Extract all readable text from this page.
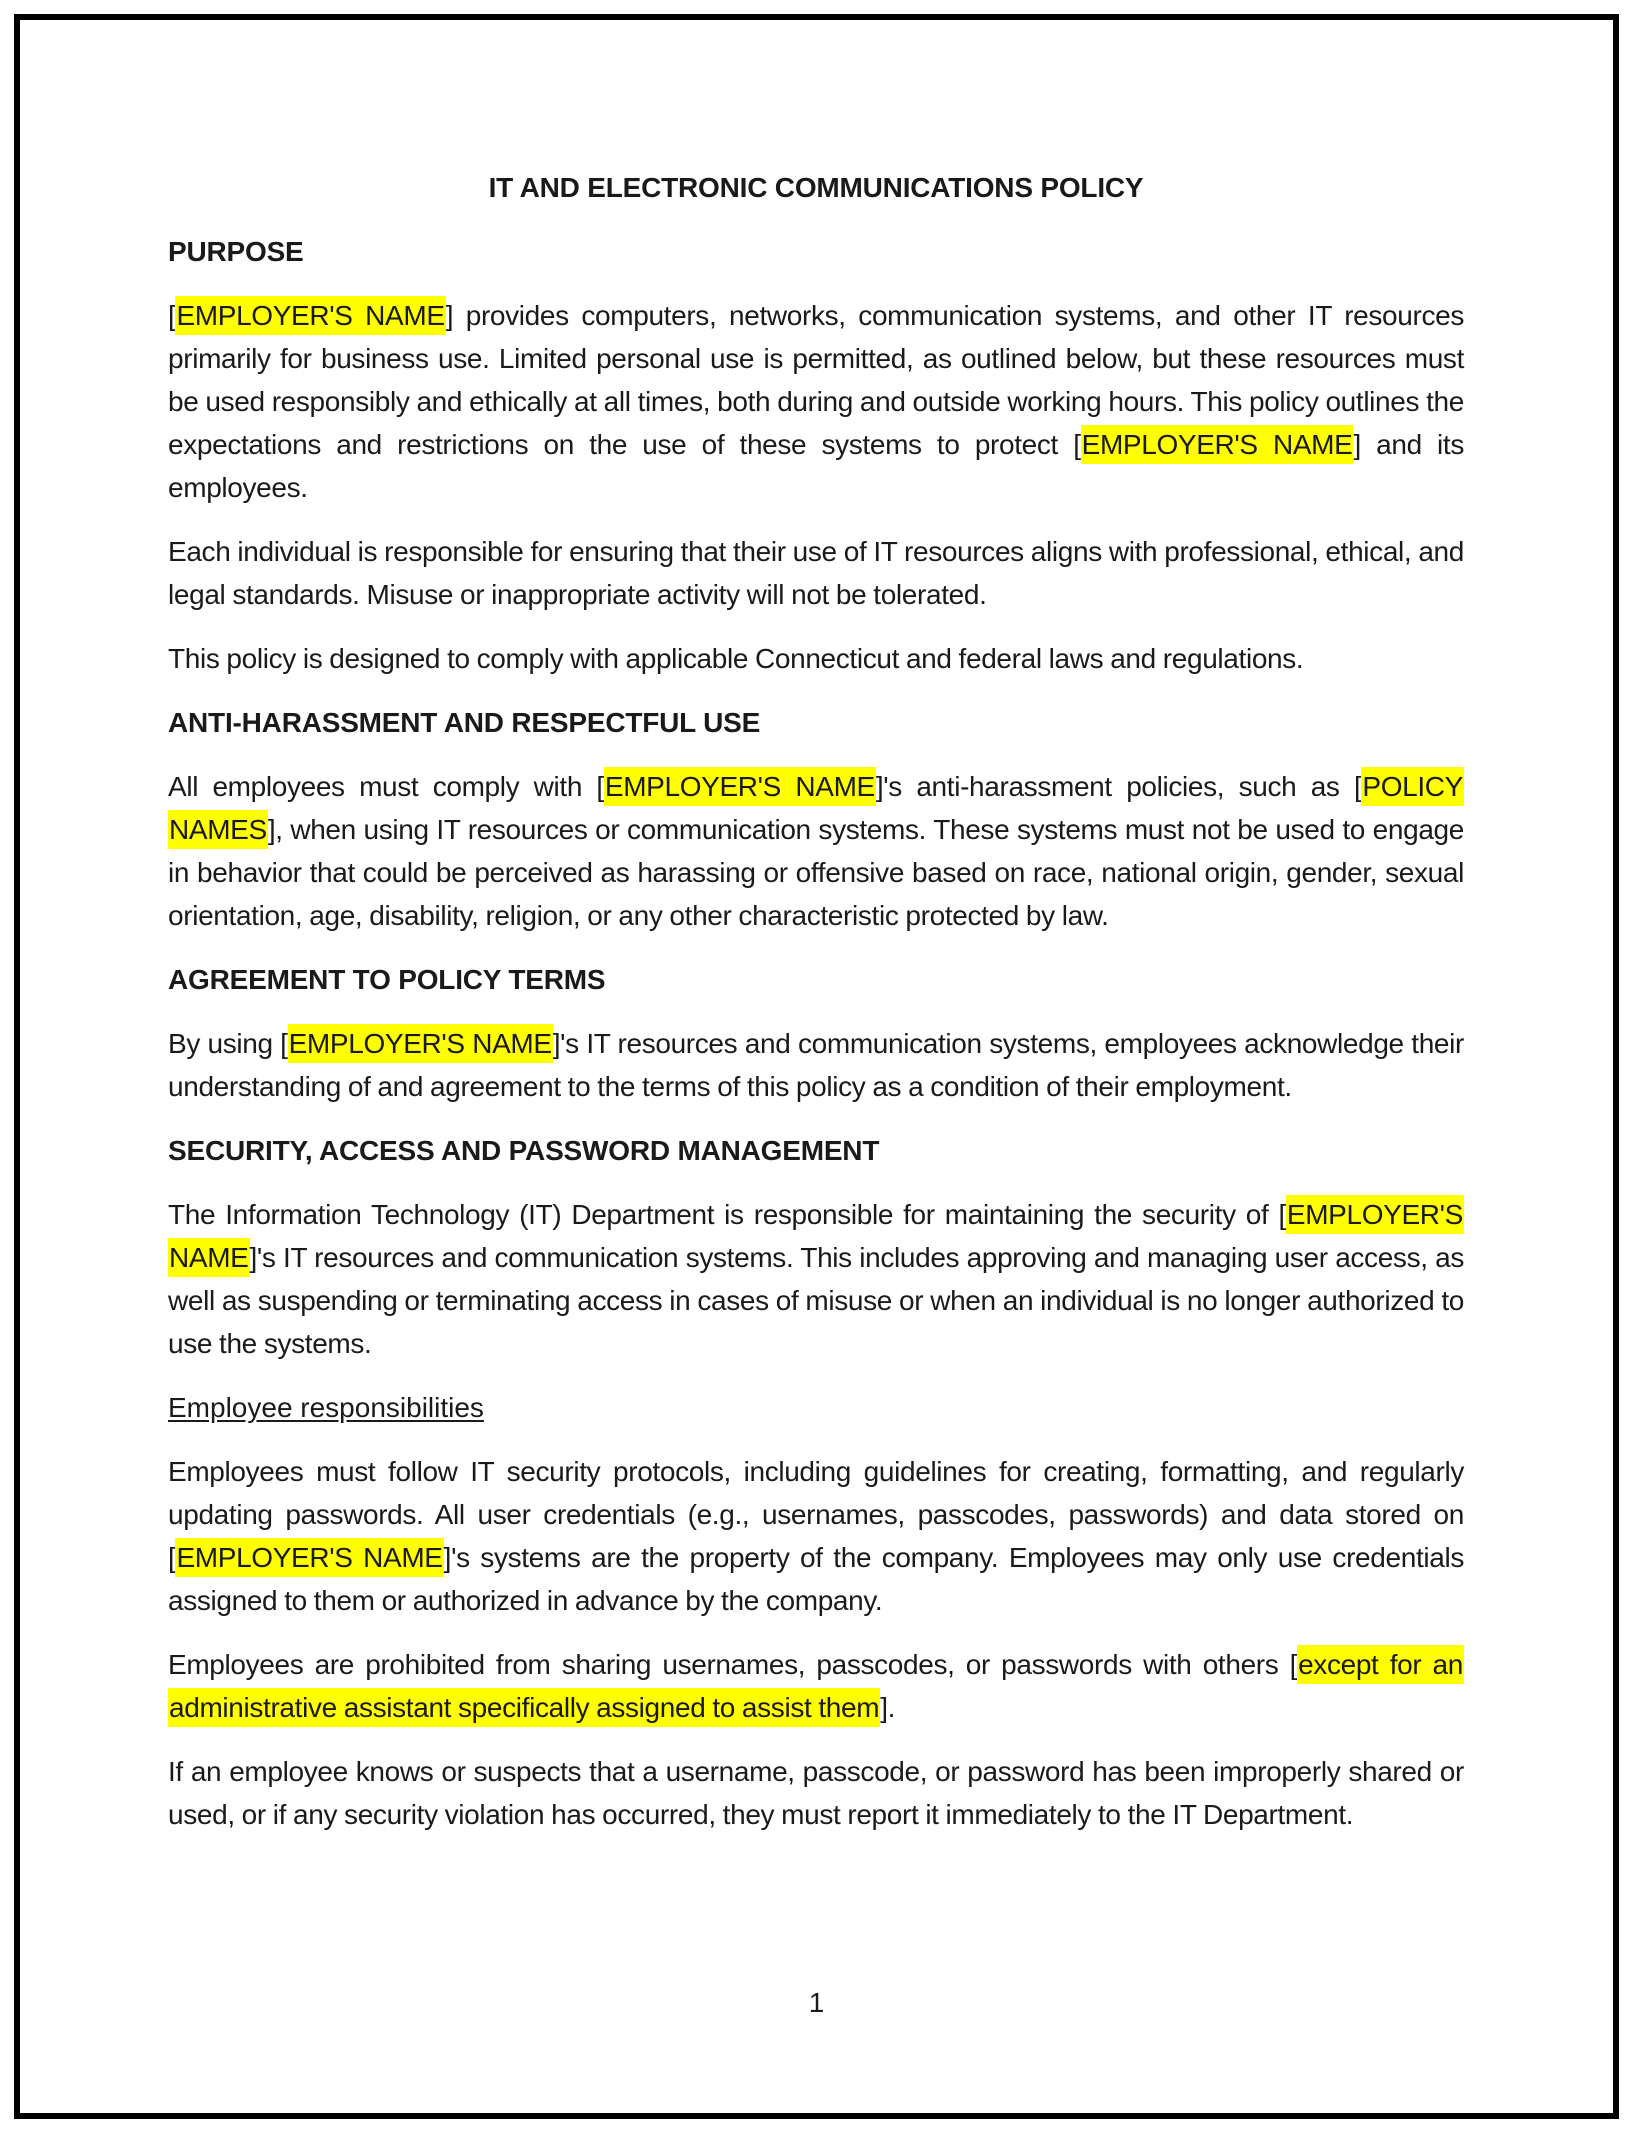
IT AND ELECTRONIC COMMUNICATIONS POLICY
PURPOSE

[EMPLOYER'S NAME] provides computers, networks, communication systems, and other IT resources primarily for business use. Limited personal use is permitted, as outlined below, but these resources must be used responsibly and ethically at all times, both during and outside working hours. This policy outlines the expectations and restrictions on the use of these systems to protect [EMPLOYER'S NAME] and its employees.

Each individual is responsible for ensuring that their use of IT resources aligns with professional, ethical, and legal standards. Misuse or inappropriate activity will not be tolerated.

This policy is designed to comply with applicable Connecticut and federal laws and regulations.

ANTI-HARASSMENT AND RESPECTFUL USE

All employees must comply with [EMPLOYER'S NAME]'s anti-harassment policies, such as [POLICY NAMES], when using IT resources or communication systems. These systems must not be used to engage in behavior that could be perceived as harassing or offensive based on race, national origin, gender, sexual orientation, age, disability, religion, or any other characteristic protected by law.

AGREEMENT TO POLICY TERMS

By using [EMPLOYER'S NAME]'s IT resources and communication systems, employees acknowledge their understanding of and agreement to the terms of this policy as a condition of their employment.

SECURITY, ACCESS AND PASSWORD MANAGEMENT

The Information Technology (IT) Department is responsible for maintaining the security of [EMPLOYER'S NAME]'s IT resources and communication systems. This includes approving and managing user access, as well as suspending or terminating access in cases of misuse or when an individual is no longer authorized to use the systems.

Employee responsibilities

Employees must follow IT security protocols, including guidelines for creating, formatting, and regularly updating passwords. All user credentials (e.g., usernames, passcodes, passwords) and data stored on [EMPLOYER'S NAME]'s systems are the property of the company. Employees may only use credentials assigned to them or authorized in advance by the company.

Employees are prohibited from sharing usernames, passcodes, or passwords with others [except for an administrative assistant specifically assigned to assist them].

If an employee knows or suspects that a username, passcode, or password has been improperly shared or used, or if any security violation has occurred, they must report it immediately to the IT Department.

1
